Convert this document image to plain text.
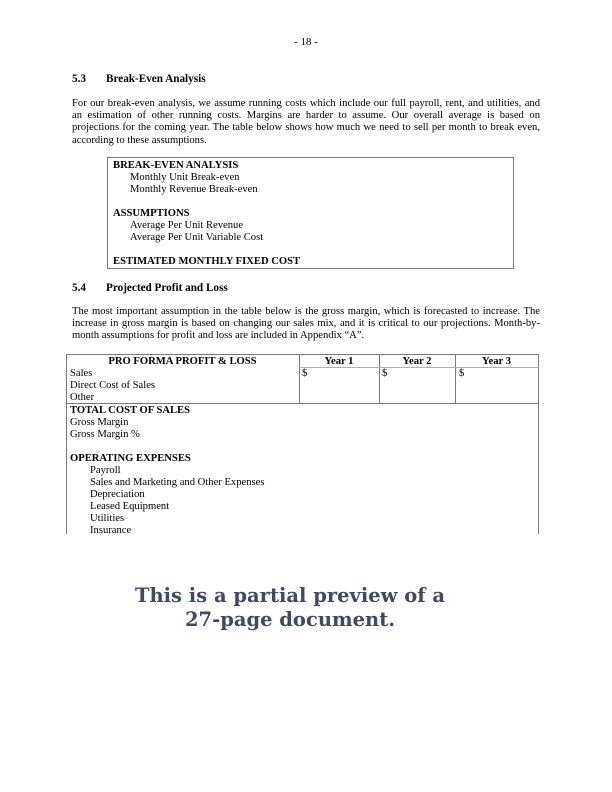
- 18 -
5.3 Break-Even Analysis
For our break-even analysis, we assume running costs which include our full payroll, rent, and utilities, and an estimation of other running costs. Margins are harder to assume. Our overall average is based on projections for the coming year. The table below shows how much we need to sell per month to break even, according to these assumptions.
BREAK-EVEN ANALYSIS
Monthly Unit Break-even
Monthly Revenue Break-even
ASSUMPTIONS
Average Per Unit Revenue
Average Per Unit Variable Cost
ESTIMATED MONTHLY FIXED COST
5.4 Projected Profit and Loss
The most important assumption in the table below is the gross margin, which is forecasted to increase. The increase in gross margin is based on changing our sales mix, and it is critical to our projections. Month-by-month assumptions for profit and loss are included in Appendix “A”.
PRO FORMA PROFIT & LOSS	Year 1	Year 2	Year 3
Sales	$	$	$
Direct Cost of Sales
Other
TOTAL COST OF SALES
Gross Margin
Gross Margin %
OPERATING EXPENSES
Payroll
Sales and Marketing and Other Expenses
Depreciation
Leased Equipment
Utilities
Insurance
This is a partial preview of a
27-page document.
